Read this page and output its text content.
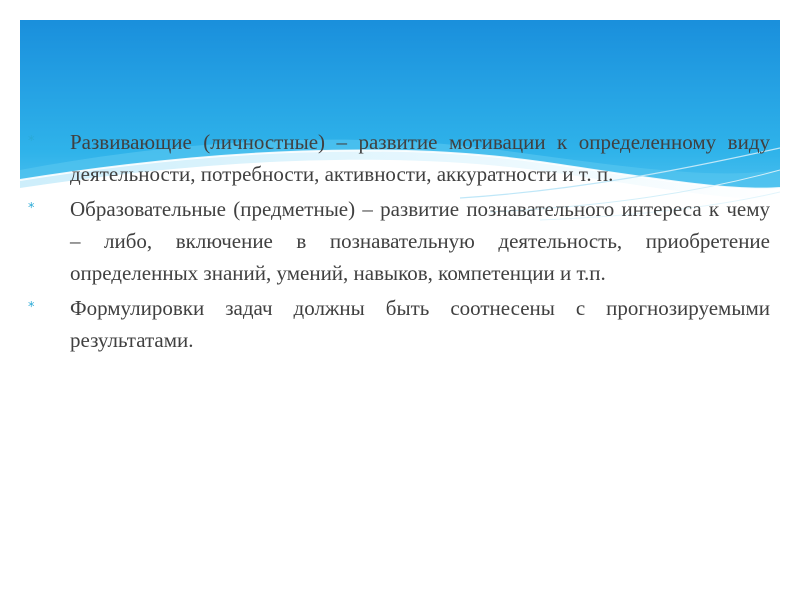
*	Развивающие (личностные) – развитие мотивации к определенному виду деятельности, потребности, активности, аккуратности и т. п.
*	Образовательные (предметные) – развитие познавательного интереса к чему – либо, включение в познавательную деятельность, приобретение определенных знаний, умений, навыков, компетенции и т.п.
*	Формулировки задач должны быть соотнесены с прогнозируемыми результатами.
